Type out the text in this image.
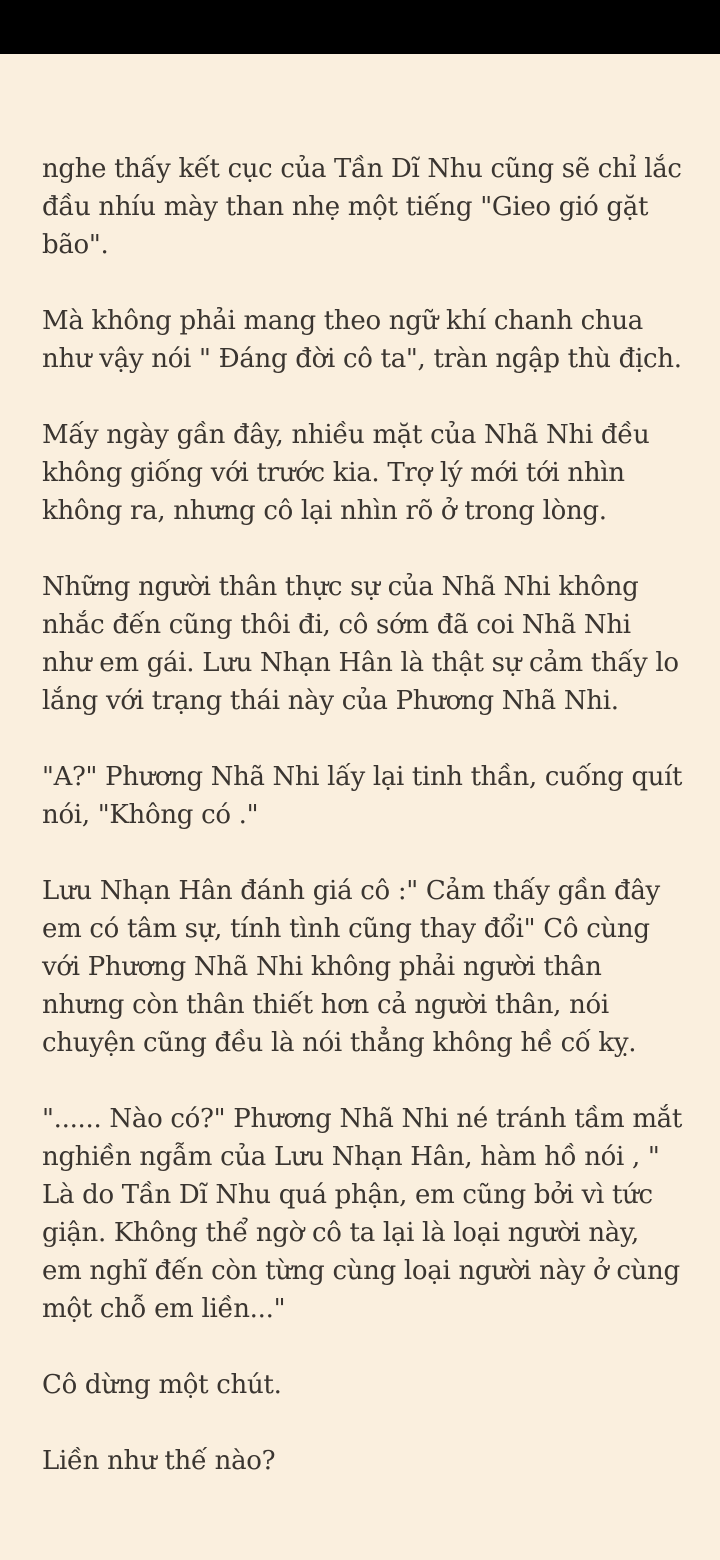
nghe thấy kết cục của Tần Dĩ Nhu cũng sẽ chỉ lắc
đầu nhíu mày than nhẹ một tiếng "Gieo gió gặt
bão".

Mà không phải mang theo ngữ khí chanh chua
như vậy nói " Đáng đời cô ta", tràn ngập thù địch.

Mấy ngày gần đây, nhiều mặt của Nhã Nhi đều
không giống với trước kia. Trợ lý mới tới nhìn
không ra, nhưng cô lại nhìn rõ ở trong lòng.

Những người thân thực sự của Nhã Nhi không
nhắc đến cũng thôi đi, cô sớm đã coi Nhã Nhi
như em gái. Lưu Nhạn Hân là thật sự cảm thấy lo
lắng với trạng thái này của Phương Nhã Nhi.

"A?" Phương Nhã Nhi lấy lại tinh thần, cuống quít
nói, "Không có ."

Lưu Nhạn Hân đánh giá cô :" Cảm thấy gần đây
em có tâm sự, tính tình cũng thay đổi" Cô cùng
với Phương Nhã Nhi không phải người thân
nhưng còn thân thiết hơn cả người thân, nói
chuyện cũng đều là nói thẳng không hề cố kỵ.

"...... Nào có?" Phương Nhã Nhi né tránh tầm mắt
nghiền ngẫm của Lưu Nhạn Hân, hàm hồ nói , "
Là do Tần Dĩ Nhu quá phận, em cũng bởi vì tức
giận. Không thể ngờ cô ta lại là loại người này,
em nghĩ đến còn từng cùng loại người này ở cùng
một chỗ em liền..."

Cô dừng một chút.

Liền như thế nào?
